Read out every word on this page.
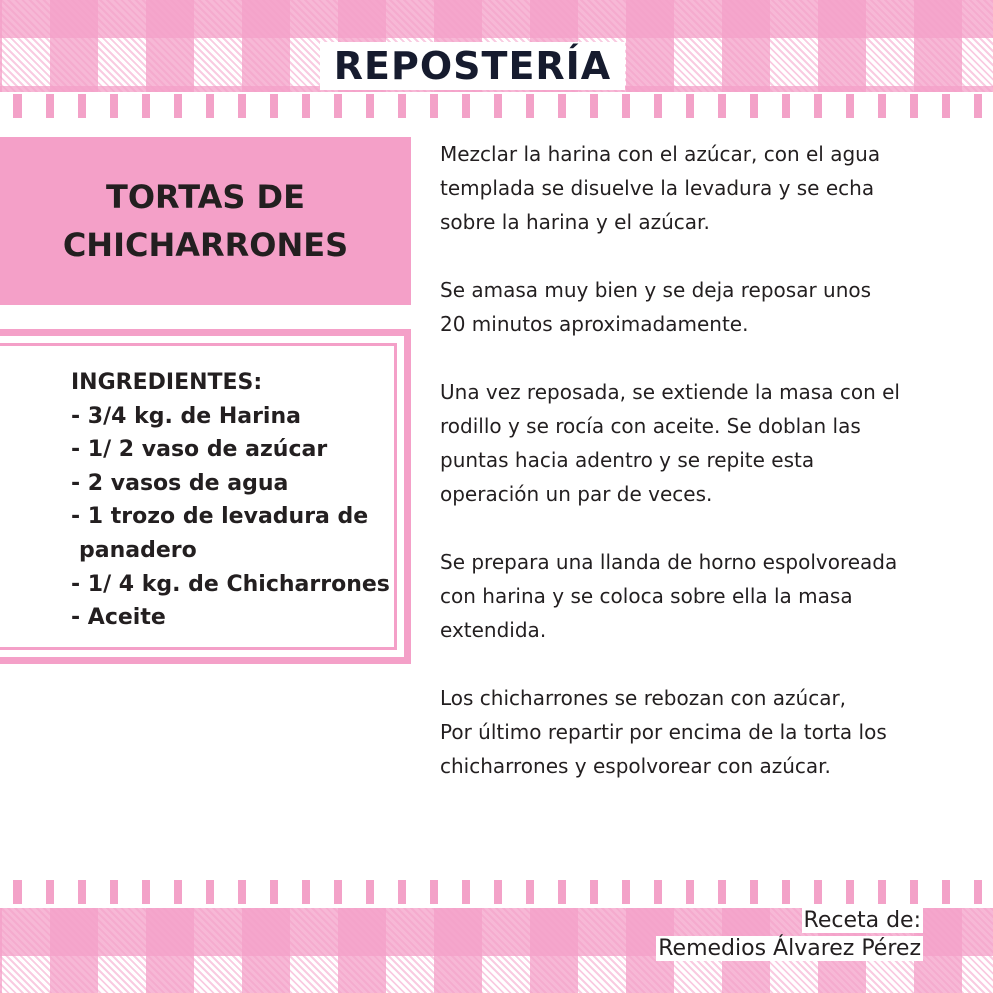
REPOSTERÍA
TORTAS DE
CHICHARRONES
INGREDIENTES:
- 3/4 kg. de Harina
- 1/ 2 vaso de azúcar
- 2 vasos de agua
- 1 trozo de levadura de
panadero
- 1/ 4 kg. de Chicharrones
- Aceite

Mezclar la harina con el azúcar, con el agua
templada se disuelve la levadura y se echa
sobre la harina y el azúcar.

Se amasa muy bien y se deja reposar unos
20 minutos aproximadamente.

Una vez reposada, se extiende la masa con el
rodillo y se rocía con aceite. Se doblan las
puntas hacia adentro y se repite esta
operación un par de veces.

Se prepara una llanda de horno espolvoreada
con harina y se coloca sobre ella la masa
extendida.

Los chicharrones se rebozan con azúcar,
Por último repartir por encima de la torta los
chicharrones y espolvorear con azúcar.

Receta de:
Remedios Álvarez Pérez
